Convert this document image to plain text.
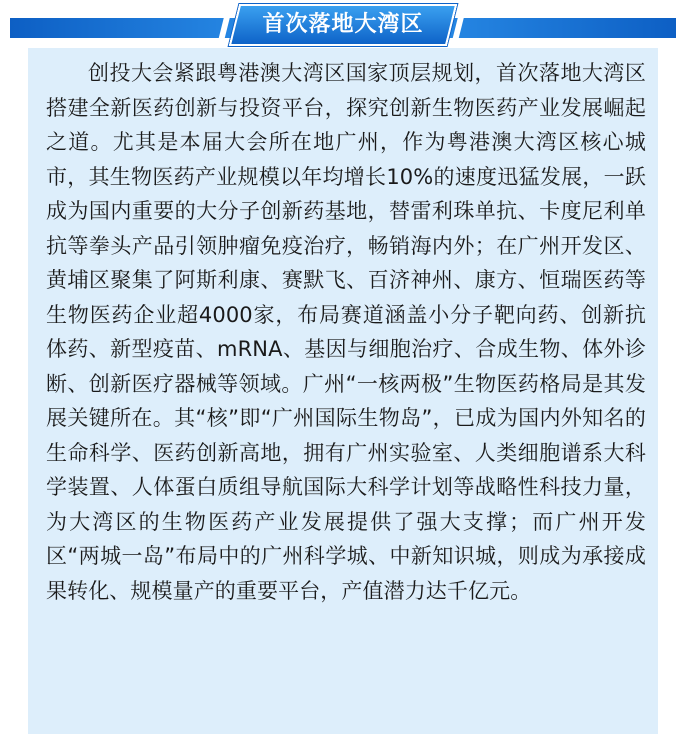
首次落地大湾区

创投大会紧跟粤港澳大湾区国家顶层规划，首次落地大湾区搭建全新医药创新与投资平台，探究创新生物医药产业发展崛起之道。尤其是本届大会所在地广州，作为粤港澳大湾区核心城市，其生物医药产业规模以年均增长10%的速度迅猛发展，一跃成为国内重要的大分子创新药基地，替雷利珠单抗、卡度尼利单抗等拳头产品引领肿瘤免疫治疗，畅销海内外；在广州开发区、黄埔区聚集了阿斯利康、赛默飞、百济神州、康方、恒瑞医药等生物医药企业超4000家，布局赛道涵盖小分子靶向药、创新抗体药、新型疫苗、mRNA、基因与细胞治疗、合成生物、体外诊断、创新医疗器械等领域。广州“一核两极”生物医药格局是其发展关键所在。其“核”即“广州国际生物岛”，已成为国内外知名的生命科学、医药创新高地，拥有广州实验室、人类细胞谱系大科学装置、人体蛋白质组导航国际大科学计划等战略性科技力量，为大湾区的生物医药产业发展提供了强大支撑；而广州开发区“两城一岛”布局中的广州科学城、中新知识城，则成为承接成果转化、规模量产的重要平台，产值潜力达千亿元。
